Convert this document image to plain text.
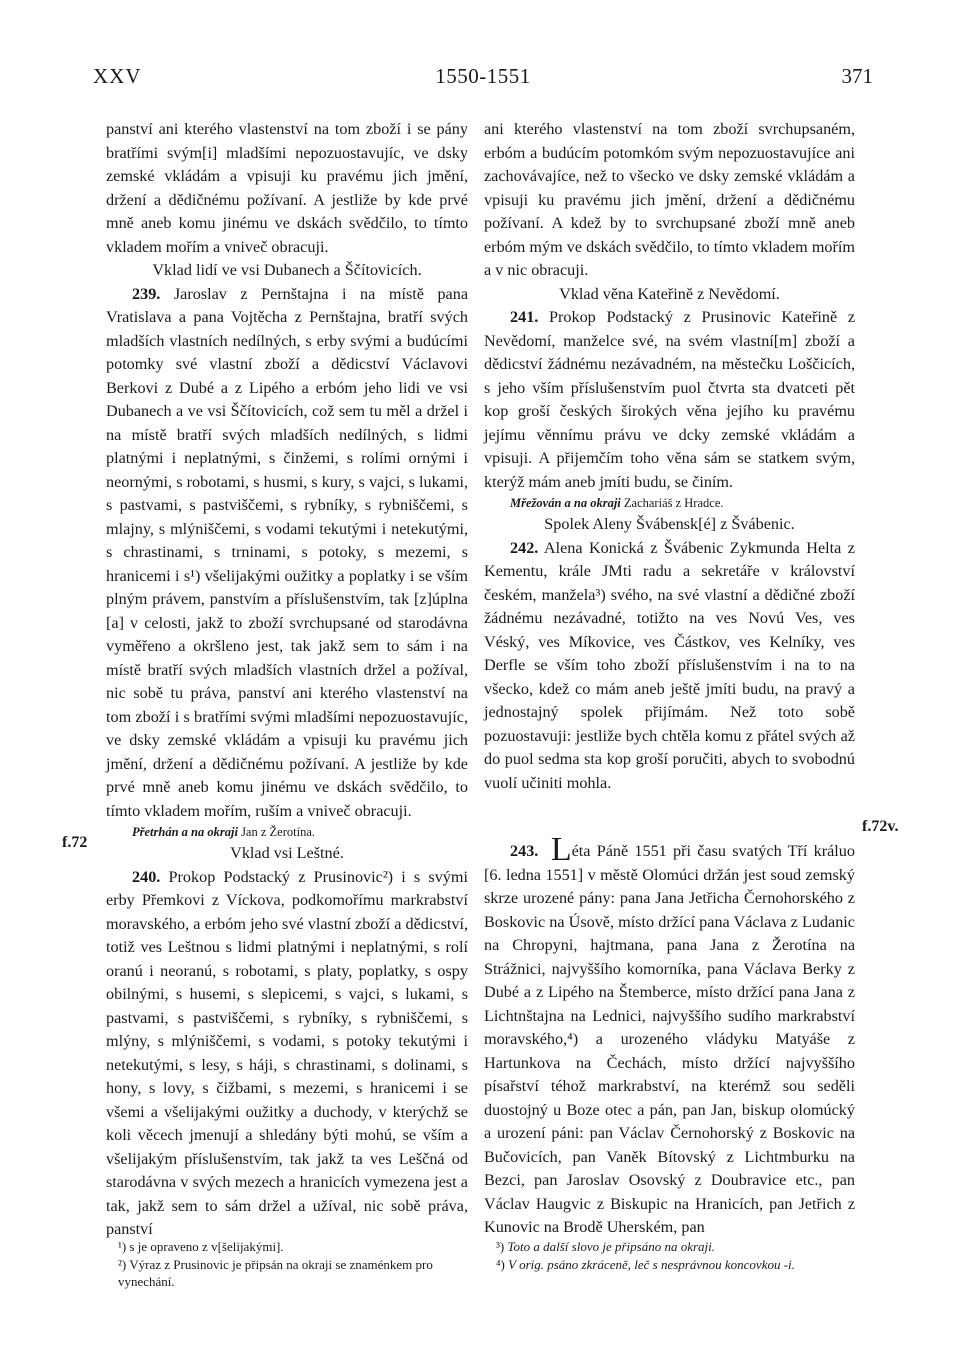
XXV	1550-1551	371

panství ani kterého vlastenství na tom zboží i se pány bratřími svým[i] mladšími nepozuostavujíc, ve dsky zemské vkládám a vpisuji ku pravému jich jmění, držení a dědičnému požívaní. A jestliže by kde prvé mně aneb komu jinému ve dskách svědčilo, to tímto vkladem mořím a vniveč obracuji.

Vklad lidí ve vsi Dubanech a Ščítovicích.

239. Jaroslav z Pernštajna i na místě pana Vratislava a pana Vojtěcha z Pernštajna, bratří svých mladších vlastních nedílných, s erby svými a budúcími potomky své vlastní zboží a dědicství Václavovi Berkovi z Dubé a z Lipého a erbóm jeho lidi ve vsi Dubanech a ve vsi Ščítovicích, což sem tu měl a držel i na místě bratří svých mladších nedílných, s lidmi platnými i neplatnými, s činžemi, s rolími ornými i neornými, s robotami, s husmi, s kury, s vajci, s lukami, s pastvami, s pastviščemi, s rybníky, s rybniščemi, s mlajny, s mlýniščemi, s vodami tekutými i netekutými, s chrastinami, s trninami, s potoky, s mezemi, s hranicemi i s¹) všelijakými oužitky a poplatky i se vším plným právem, panstvím a příslušenstvím, tak [z]úplna [a] v celosti, jakž to zboží svrchupsané od starodávna vyměřeno a okršleno jest, tak jakž sem to sám i na místě bratří svých mladších vlastních držel a požíval, nic sobě tu práva, panství ani kterého vlastenství na tom zboží i s bratřími svými mladšími nepozuostavujíc, ve dsky zemské vkládám a vpisuji ku pravému jich jmění, držení a dědičnému požívaní. A jestliže by kde prvé mně aneb komu jinému ve dskách svědčilo, to tímto vkladem mořím, ruším a vniveč obracuji.

Přetrhán a na okraji Jan z Žerotína.

Vklad vsi Leštné.

240. Prokop Podstacký z Prusinovic²) i s svými erby Přemkovi z Víckova, podkomořímu markrabství moravského, a erbóm jeho své vlastní zboží a dědicství, totiž ves Leštnou s lidmi platnými i neplatnými, s rolí oranú i neoranú, s robotami, s platy, poplatky, s ospy obilnými, s husemi, s slepicemi, s vajci, s lukami, s pastvami, s pastviščemi, s rybníky, s rybniščemi, s mlýny, s mlýniščemi, s vodami, s potoky tekutými i netekutými, s lesy, s háji, s chrastinami, s dolinami, s hony, s lovy, s čižbami, s mezemi, s hranicemi i se všemi a všelijakými oužitky a duchody, v kterýchž se koli věcech jmenují a shledány býti mohú, se vším a všelijakým příslušenstvím, tak jakž ta ves Leščná od starodávna v svých mezech a hranicích vymezena jest a tak, jakž sem to sám držel a užíval, nic sobě práva, panství

f.72

ani kterého vlastenství na tom zboží svrchupsaném, erbóm a budúcím potomkóm svým nepozuostavujíce ani zachovávajíce, než to všecko ve dsky zemské vkládám a vpisuji ku pravému jich jmění, držení a dědičnému požívaní. A kdež by to svrchupsané zboží mně aneb erbóm mým ve dskách svědčilo, to tímto vkladem mořím a v nic obracuji.

Vklad věna Kateřině z Nevědomí.

241. Prokop Podstacký z Prusinovic Kateřině z Nevědomí, manželce své, na svém vlastní[m] zboží a dědicství žádnému nezávadném, na městečku Loščicích, s jeho vším příslušenstvím puol čtvrta sta dvatceti pět kop groší českých širokých věna jejího ku pravému jejímu věnnímu právu ve dcky zemské vkládám a vpisuji. A přijemčím toho věna sám se statkem svým, kterýž mám aneb jmíti budu, se činím.

Mřežován a na okraji Zachariáš z Hradce.

Spolek Aleny Švábensk[é] z Švábenic.

242. Alena Konická z Švábenic Zykmunda Helta z Kementu, krále JMti radu a sekretáře v království českém, manžela³) svého, na své vlastní a dědičné zboží žádnému nezávadné, totižto na ves Novú Ves, ves Véský, ves Míkovice, ves Částkov, ves Kelníky, ves Derfle se vším toho zboží příslušenstvím i na to na všecko, kdež co mám aneb ještě jmíti budu, na pravý a jednostajný spolek přijímám. Než toto sobě pozuostavuji: jestliže bych chtěla komu z přátel svých až do puol sedma sta kop groší poručiti, abych to svobodnú vuolí učiniti mohla.

243. Léta Páně 1551 při času svatých Tří králuo [6. ledna 1551] v městě Olomúci držán jest soud zemský skrze urozené pány: pana Jana Jetřicha Černohorského z Boskovic na Úsově, místo držící pana Václava z Ludanic na Chropyni, hajtmana, pana Jana z Žerotína na Strážnici, najvyššího komorníka, pana Václava Berky z Dubé a z Lipého na Štemberce, místo držící pana Jana z Lichtnštajna na Lednici, najvyššího sudího markrabství moravského,⁴) a urozeného vládyku Matyáše z Hartunkova na Čechách, místo držící najvyššího písařství téhož markrabství, na kterémž sou seděli duostojný u Boze otec a pán, pan Jan, biskup olomúcký a urození páni: pan Václav Černohorský z Boskovic na Bučovicích, pan Vaněk Bítovský z Lichtmburku na Bezci, pan Jaroslav Osovský z Doubravice etc., pan Václav Haugvic z Biskupic na Hranicích, pan Jetřich z Kunovic na Brodě Uherském, pan

f.72v.

¹) s je opraveno z v[šelijakými].

²) Výraz z Prusinovic je připsán na okraji se znaménkem pro vynechání.

³) Toto a další slovo je připsáno na okraji.

⁴) V orig. psáno zkráceně, leč s nesprávnou koncovkou -i.
